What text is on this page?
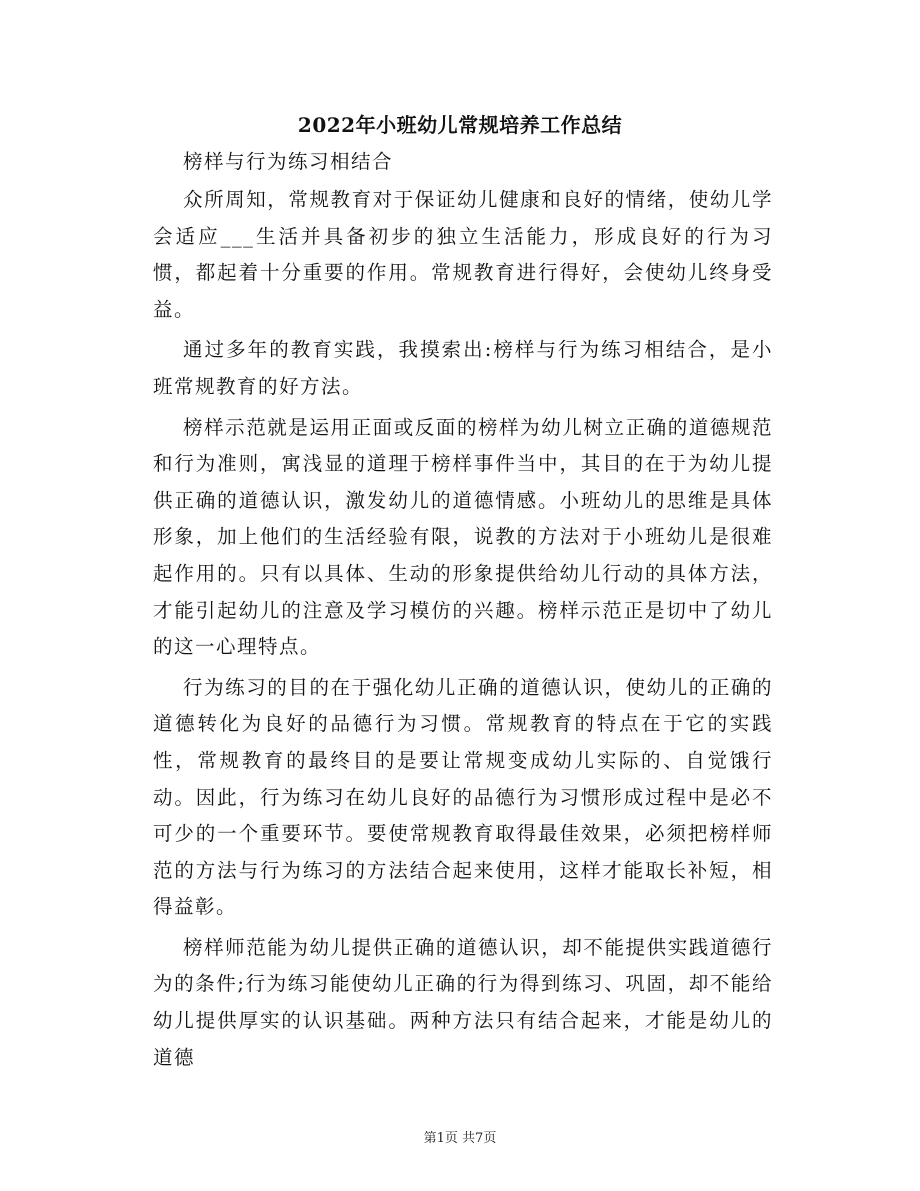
2022年小班幼儿常规培养工作总结

榜样与行为练习相结合

众所周知，常规教育对于保证幼儿健康和良好的情绪，使幼儿学会适应___生活并具备初步的独立生活能力，形成良好的行为习惯，都起着十分重要的作用。常规教育进行得好，会使幼儿终身受益。

通过多年的教育实践，我摸索出:榜样与行为练习相结合，是小班常规教育的好方法。

榜样示范就是运用正面或反面的榜样为幼儿树立正确的道德规范和行为准则，寓浅显的道理于榜样事件当中，其目的在于为幼儿提供正确的道德认识，激发幼儿的道德情感。小班幼儿的思维是具体形象，加上他们的生活经验有限，说教的方法对于小班幼儿是很难起作用的。只有以具体、生动的形象提供给幼儿行动的具体方法，才能引起幼儿的注意及学习模仿的兴趣。榜样示范正是切中了幼儿的这一心理特点。

行为练习的目的在于强化幼儿正确的道德认识，使幼儿的正确的道德转化为良好的品德行为习惯。常规教育的特点在于它的实践性，常规教育的最终目的是要让常规变成幼儿实际的、自觉饿行动。因此，行为练习在幼儿良好的品德行为习惯形成过程中是必不可少的一个重要环节。要使常规教育取得最佳效果，必须把榜样师范的方法与行为练习的方法结合起来使用，这样才能取长补短，相得益彰。

榜样师范能为幼儿提供正确的道德认识，却不能提供实践道德行为的条件;行为练习能使幼儿正确的行为得到练习、巩固，却不能给幼儿提供厚实的认识基础。两种方法只有结合起来，才能是幼儿的道德

第1页 共7页
